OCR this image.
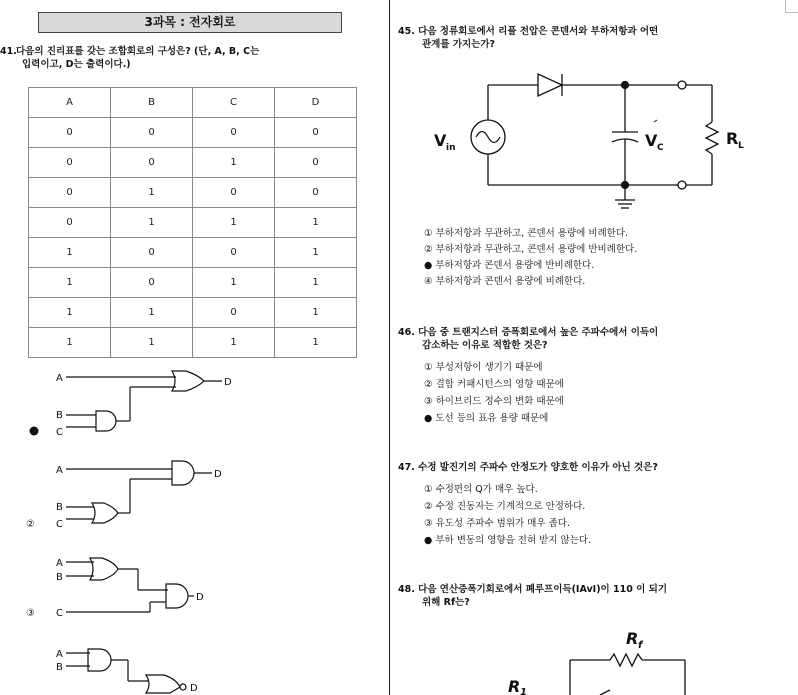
3과목 : 전자회로
다음의 진리표를 갖는 조합회로의 구성은? (단, A, B, C는
입력이고, D는 출력이다.)
41.
A	B	C	D
0	0	0	0
0	0	1	0
0	1	0	0
0	1	1	1
1	0	0	1
1	0	1	1
1	1	0	1
1	1	1	1
A	D
B
C
A	D
B
C
②
A
B
D
C
③
A
B
D
45. 다음 정류회로에서 리플 전압은 콘덴서와 부하저항과 어떤
관계를 가지는가?
V in	V C	R L
① 부하저항과 무관하고, 콘덴서 용량에 비례한다.
② 부하저항과 무관하고, 콘덴서 용량에 반비례한다.
● 부하저항과 콘덴서 용량에 반비례한다.
④ 부하저항과 콘덴서 용량에 비례한다.
46. 다음 중 트랜지스터 증폭회로에서 높은 주파수에서 이득이
감소하는 이유로 적합한 것은?
① 부성저항이 생기기 때문에
② 결합 커패시턴스의 영향 때문에
③ 하이브리드 정수의 변화 때문에
● 도선 등의 표유 용량 때문에
47. 수정 발진기의 주파수 안정도가 양호한 이유가 아닌 것은?
① 수정편의 Q가 매우 높다.
② 수정 진동자는 기계적으로 안정하다.
③ 유도성 주파수 범위가 매우 좁다.
● 부하 변동의 영향을 전혀 받지 않는다.
48. 다음 연산증폭기회로에서 폐루프이득(IAvI)이 110 이 되기
위해 Rf는?
R f
R 1
